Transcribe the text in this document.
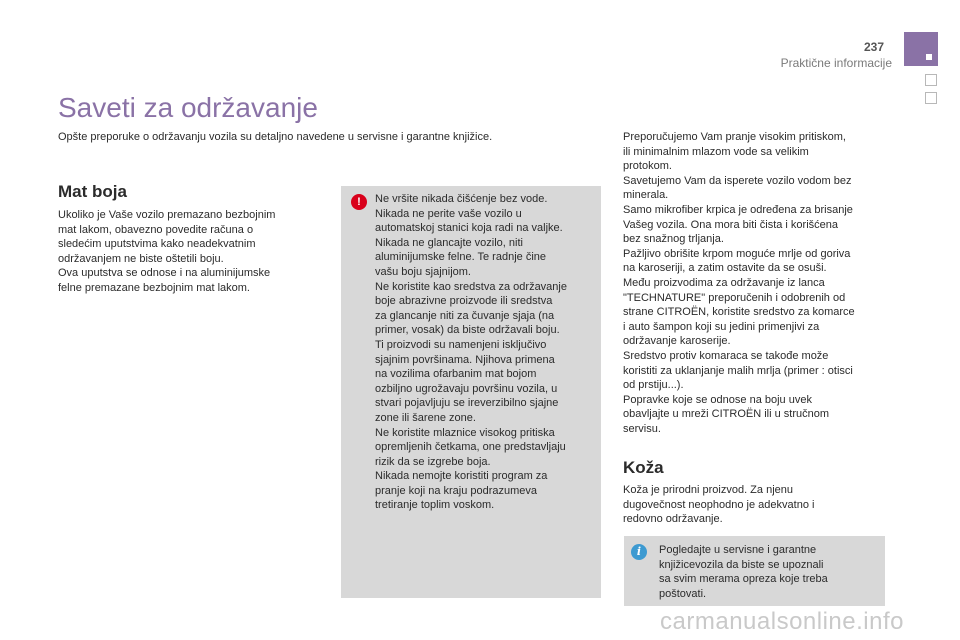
237
Praktične informacije
Saveti za održavanje

Opšte preporuke o održavanju vozila su detaljno navedene u servisne i garantne knjižice.

Mat boja

Ukoliko je Vaše vozilo premazano bezbojnim
mat lakom, obavezno povedite računa o
sledećim uputstvima kako neadekvatnim
održavanjem ne biste oštetili boju.
Ova uputstva se odnose i na aluminijumske
felne premazane bezbojnim mat lakom.

!	Ne vršite nikada čišćenje bez vode.
Nikada ne perite vaše vozilo u
automatskoj stanici koja radi na valjke.
Nikada ne glancajte vozilo, niti
aluminijumske felne. Te radnje čine
vašu boju sjajnijom.
Ne koristite kao sredstva za održavanje
boje abrazivne proizvode ili sredstva
za glancanje niti za čuvanje sjaja (na
primer, vosak) da biste održavali boju.
Ti proizvodi su namenjeni isključivo
sjajnim površinama. Njihova primena
na vozilima ofarbanim mat bojom
ozbiljno ugrožavaju površinu vozila, u
stvari pojavljuju se ireverzibilno sjajne
zone ili šarene zone.
Ne koristite mlaznice visokog pritiska
opremljenih četkama, one predstavljaju
rizik da se izgrebe boja.
Nikada nemojte koristiti program za
pranje koji na kraju podrazumeva
tretiranje toplim voskom.

Preporučujemo Vam pranje visokim pritiskom,
ili minimalnim mlazom vode sa velikim
protokom.
Savetujemo Vam da isperete vozilo vodom bez
minerala.
Samo mikrofiber krpica je određena za brisanje
Vašeg vozila. Ona mora biti čista i korišćena
bez snažnog trljanja.
Pažljivo obrišite krpom moguće mrlje od goriva
na karoseriji, a zatim ostavite da se osuši.
Među proizvodima za održavanje iz lanca
"TECHNATURE" preporučenih i odobrenih od
strane CITROËN, koristite sredstvo za komarce
i auto šampon koji su jedini primenjivi za
održavanje karoserije.
Sredstvo protiv komaraca se takođe može
koristiti za uklanjanje malih mrlja (primer : otisci
od prstiju...).
Popravke koje se odnose na boju uvek
obavljajte u mreži CITROËN ili u stručnom
servisu.

Koža

Koža je prirodni proizvod. Za njenu
dugovečnost neophodno je adekvatno i
redovno održavanje.

i	Pogledajte u servisne i garantne
knjižicevozila da biste se upoznali
sa svim merama opreza koje treba
poštovati.

carmanualsonline.info
